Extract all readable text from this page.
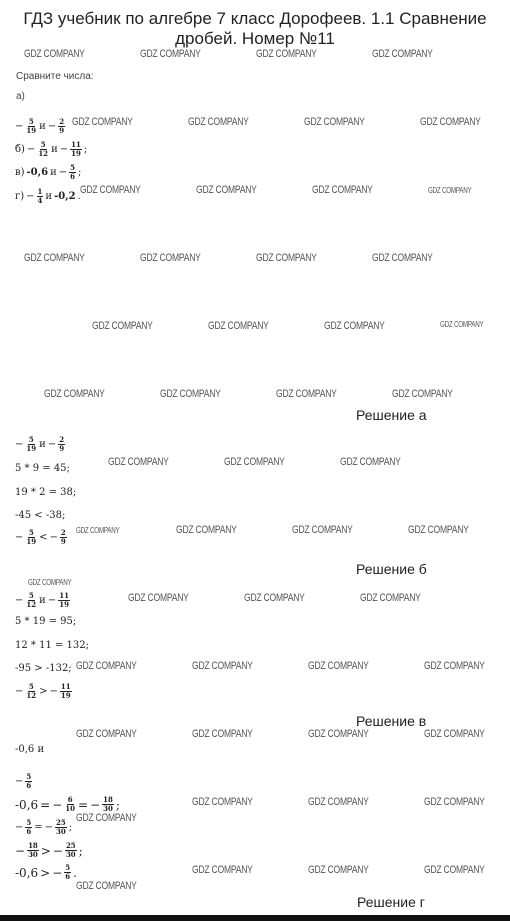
ГДЗ учебник по алгебре 7 класс Дорофеев. 1.1 Сравнение
дробей. Номер №11
GDZ COMPANY	GDZ COMPANY	GDZ COMPANY	GDZ COMPANY
GDZ COMPANY	GDZ COMPANY	GDZ COMPANY	GDZ COMPANY
GDZ COMPANY	GDZ COMPANY	GDZ COMPANY	GDZ COMPANY
GDZ COMPANY	GDZ COMPANY	GDZ COMPANY	GDZ COMPANY
GDZ COMPANY	GDZ COMPANY	GDZ COMPANY	GDZ COMPANY
GDZ COMPANY	GDZ COMPANY	GDZ COMPANY	GDZ COMPANY
GDZ COMPANY	GDZ COMPANY	GDZ COMPANY
GDZ COMPANY	GDZ COMPANY	GDZ COMPANY	GDZ COMPANY
GDZ COMPANY
GDZ COMPANY	GDZ COMPANY	GDZ COMPANY
GDZ COMPANY	GDZ COMPANY	GDZ COMPANY	GDZ COMPANY
GDZ COMPANY	GDZ COMPANY	GDZ COMPANY	GDZ COMPANY
GDZ COMPANY	GDZ COMPANY	GDZ COMPANY
GDZ COMPANY
GDZ COMPANY	GDZ COMPANY	GDZ COMPANY
GDZ COMPANY
Сравните числа:
а)
− $\frac{5}{19}$ $и - \frac{2}{9}$
$б) - \frac{5}{12}$ $и - \frac{11}{19}$ ;
в) -0,6 $и - \frac{5}{6}$ ;
$г) - \frac{1}{4}$ и -0,2 .
Решение а
− $\frac{5}{19}$ $и - \frac{2}{9}$
5 * 9 = 45;
19 * 2 = 38;
-45 < -38;
− $\frac{5}{19}$ < − $\frac{2}{9}$
Решение б
− $\frac{5}{12}$ $и - \frac{11}{19}$
5 * 19 = 95;
12 * 11 = 132;
-95 > -132;
− $\frac{5}{12}$ > − $\frac{11}{19}$
Решение в
-0,6 и
− $\frac{5}{6}$
-0,6 = − $\frac{6}{10}$ = − $\frac{18}{30}$ ;
− $\frac{5}{6}$ = − $\frac{25}{30}$ ;
− $\frac{18}{30}$ > − $\frac{25}{30}$ ;
-0,6 > − $\frac{5}{6}$ .
Решение г
